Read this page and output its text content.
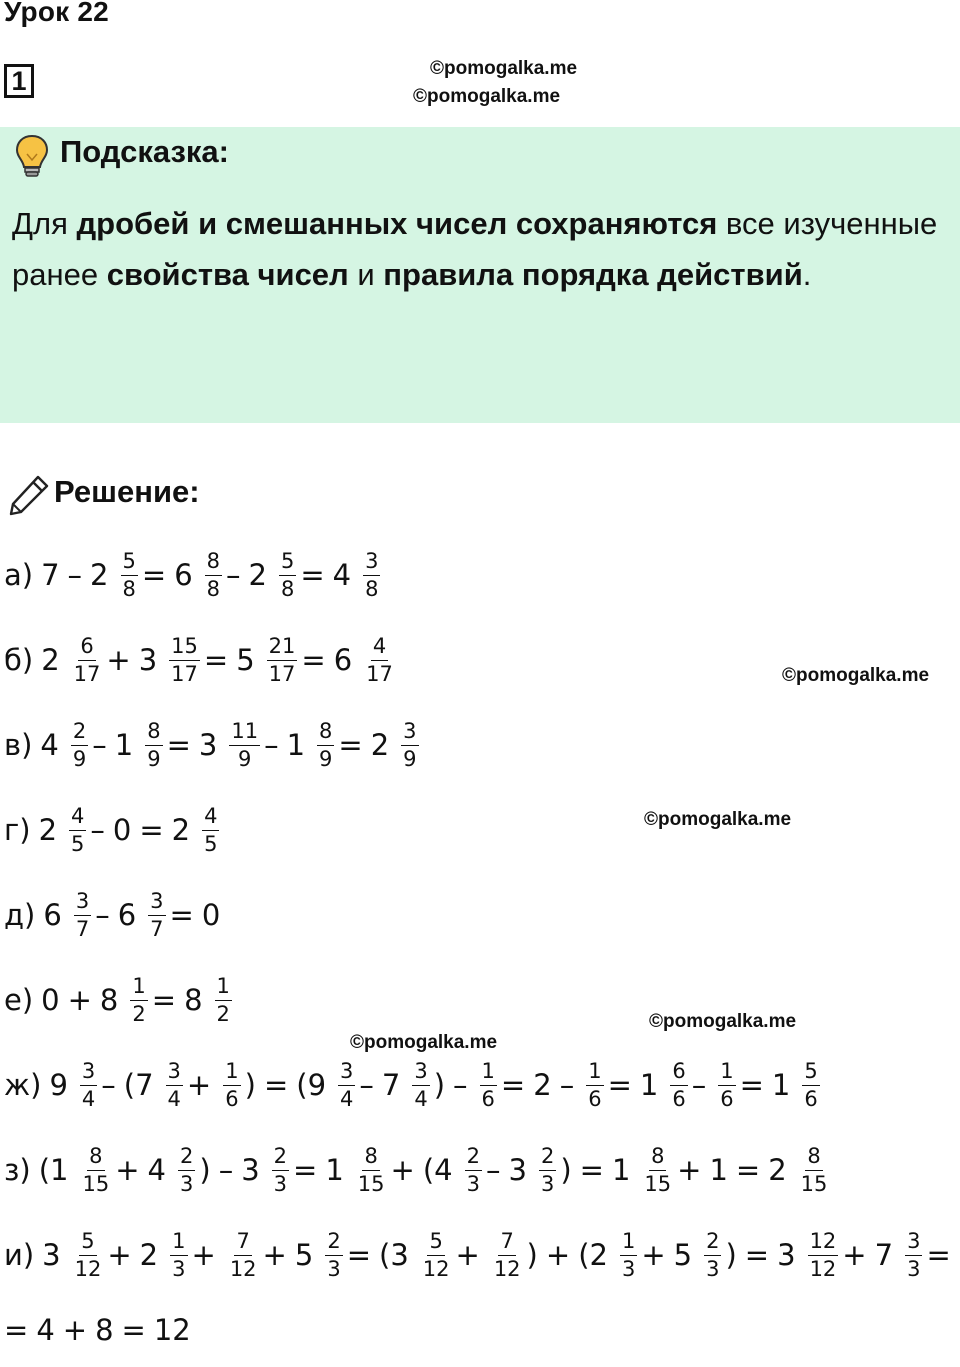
Урок 22
1	©pomogalka.me
©pomogalka.me
Подсказка:
Для дробей и смешанных чисел сохраняются все изученные ранее свойства чисел и правила порядка действий.
Решение:
а) $7 - 2 \frac{5}{8} = 6 \frac{8}{8} - 2 \frac{5}{8} = 4 \frac{3}{8}$
б) $2 \frac{6}{17} + 3 \frac{15}{17} = 5 \frac{21}{17} = 6 \frac{4}{17}$
в) $4 \frac{2}{9} - 1 \frac{8}{9} = 3 \frac{11}{9} - 1 \frac{8}{9} = 2 \frac{3}{9}$
г) $2 \frac{4}{5} - 0 = 2 \frac{4}{5}$
д) $6 \frac{3}{7} - 6 \frac{3}{7} = 0$
е) $0 + 8 \frac{1}{2} = 8 \frac{1}{2}$
ж) $9 \frac{3}{4} - (7 \frac{3}{4} + \frac{1}{6}$ ) = ($9 \frac{3}{4} - 7 \frac{3}{4}$ ) – $\frac{1}{6} = 2 - \frac{1}{6} = 1 \frac{6}{6} - \frac{1}{6} = 1 \frac{5}{6}$
з) ($1 \frac{8}{15} + 4 \frac{2}{3}$ ) – $3 \frac{2}{3} = 1 \frac{8}{15} + (4 \frac{2}{3} - 3 \frac{2}{3}$ ) = $1 \frac{8}{15} + 1 = 2 \frac{8}{15}$
и) $3 \frac{5}{12} + 2 \frac{1}{3} + \frac{7}{12} + 5 \frac{2}{3} = (3 \frac{5}{12} + \frac{7}{12}$ ) + ($2 \frac{1}{3} + 5 \frac{2}{3}$ ) = $3 \frac{12}{12} + 7 \frac{3}{3}$ =
= 4 + 8 = 12
©pomogalka.me
©pomogalka.me
©pomogalka.me
©pomogalka.me
